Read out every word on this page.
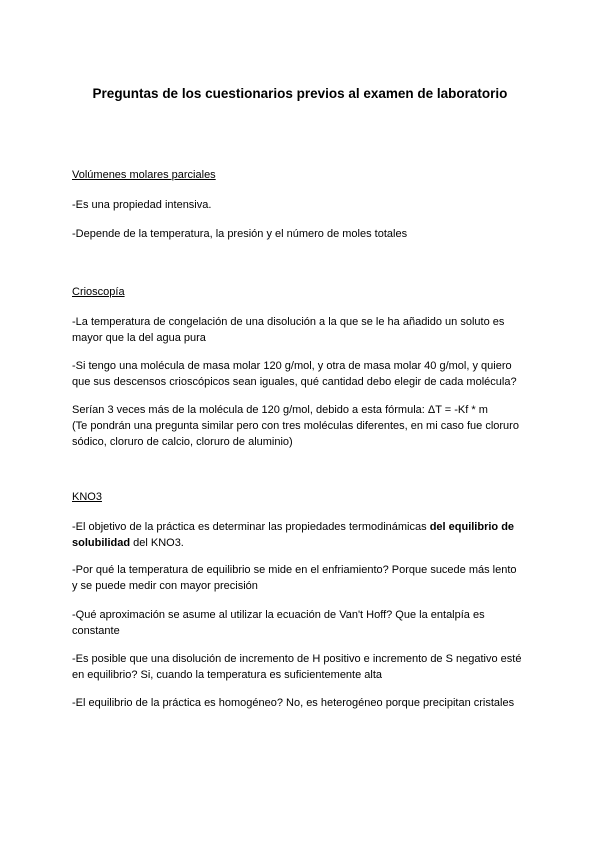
Preguntas de los cuestionarios previos al examen de laboratorio
Volúmenes molares parciales
-Es una propiedad intensiva.
-Depende de la temperatura, la presión y el número de moles totales
Crioscopía
-La temperatura de congelación de una disolución a la que se le ha añadido un soluto es
mayor que la del agua pura
-Si tengo una molécula de masa molar 120 g/mol, y otra de masa molar 40 g/mol, y quiero
que sus descensos crioscópicos sean iguales, qué cantidad debo elegir de cada molécula?
Serían 3 veces más de la molécula de 120 g/mol, debido a esta fórmula: ΔT = -Kf * m
(Te pondrán una pregunta similar pero con tres moléculas diferentes, en mi caso fue cloruro
sódico, cloruro de calcio, cloruro de aluminio)
KNO3
-El objetivo de la práctica es determinar las propiedades termodinámicas del equilibrio de
solubilidad del KNO3.
-Por qué la temperatura de equilibrio se mide en el enfriamiento? Porque sucede más lento
y se puede medir con mayor precisión
-Qué aproximación se asume al utilizar la ecuación de Van't Hoff? Que la entalpía es
constante
-Es posible que una disolución de incremento de H positivo e incremento de S negativo esté
en equilibrio? Si, cuando la temperatura es suficientemente alta
-El equilibrio de la práctica es homogéneo? No, es heterogéneo porque precipitan cristales
